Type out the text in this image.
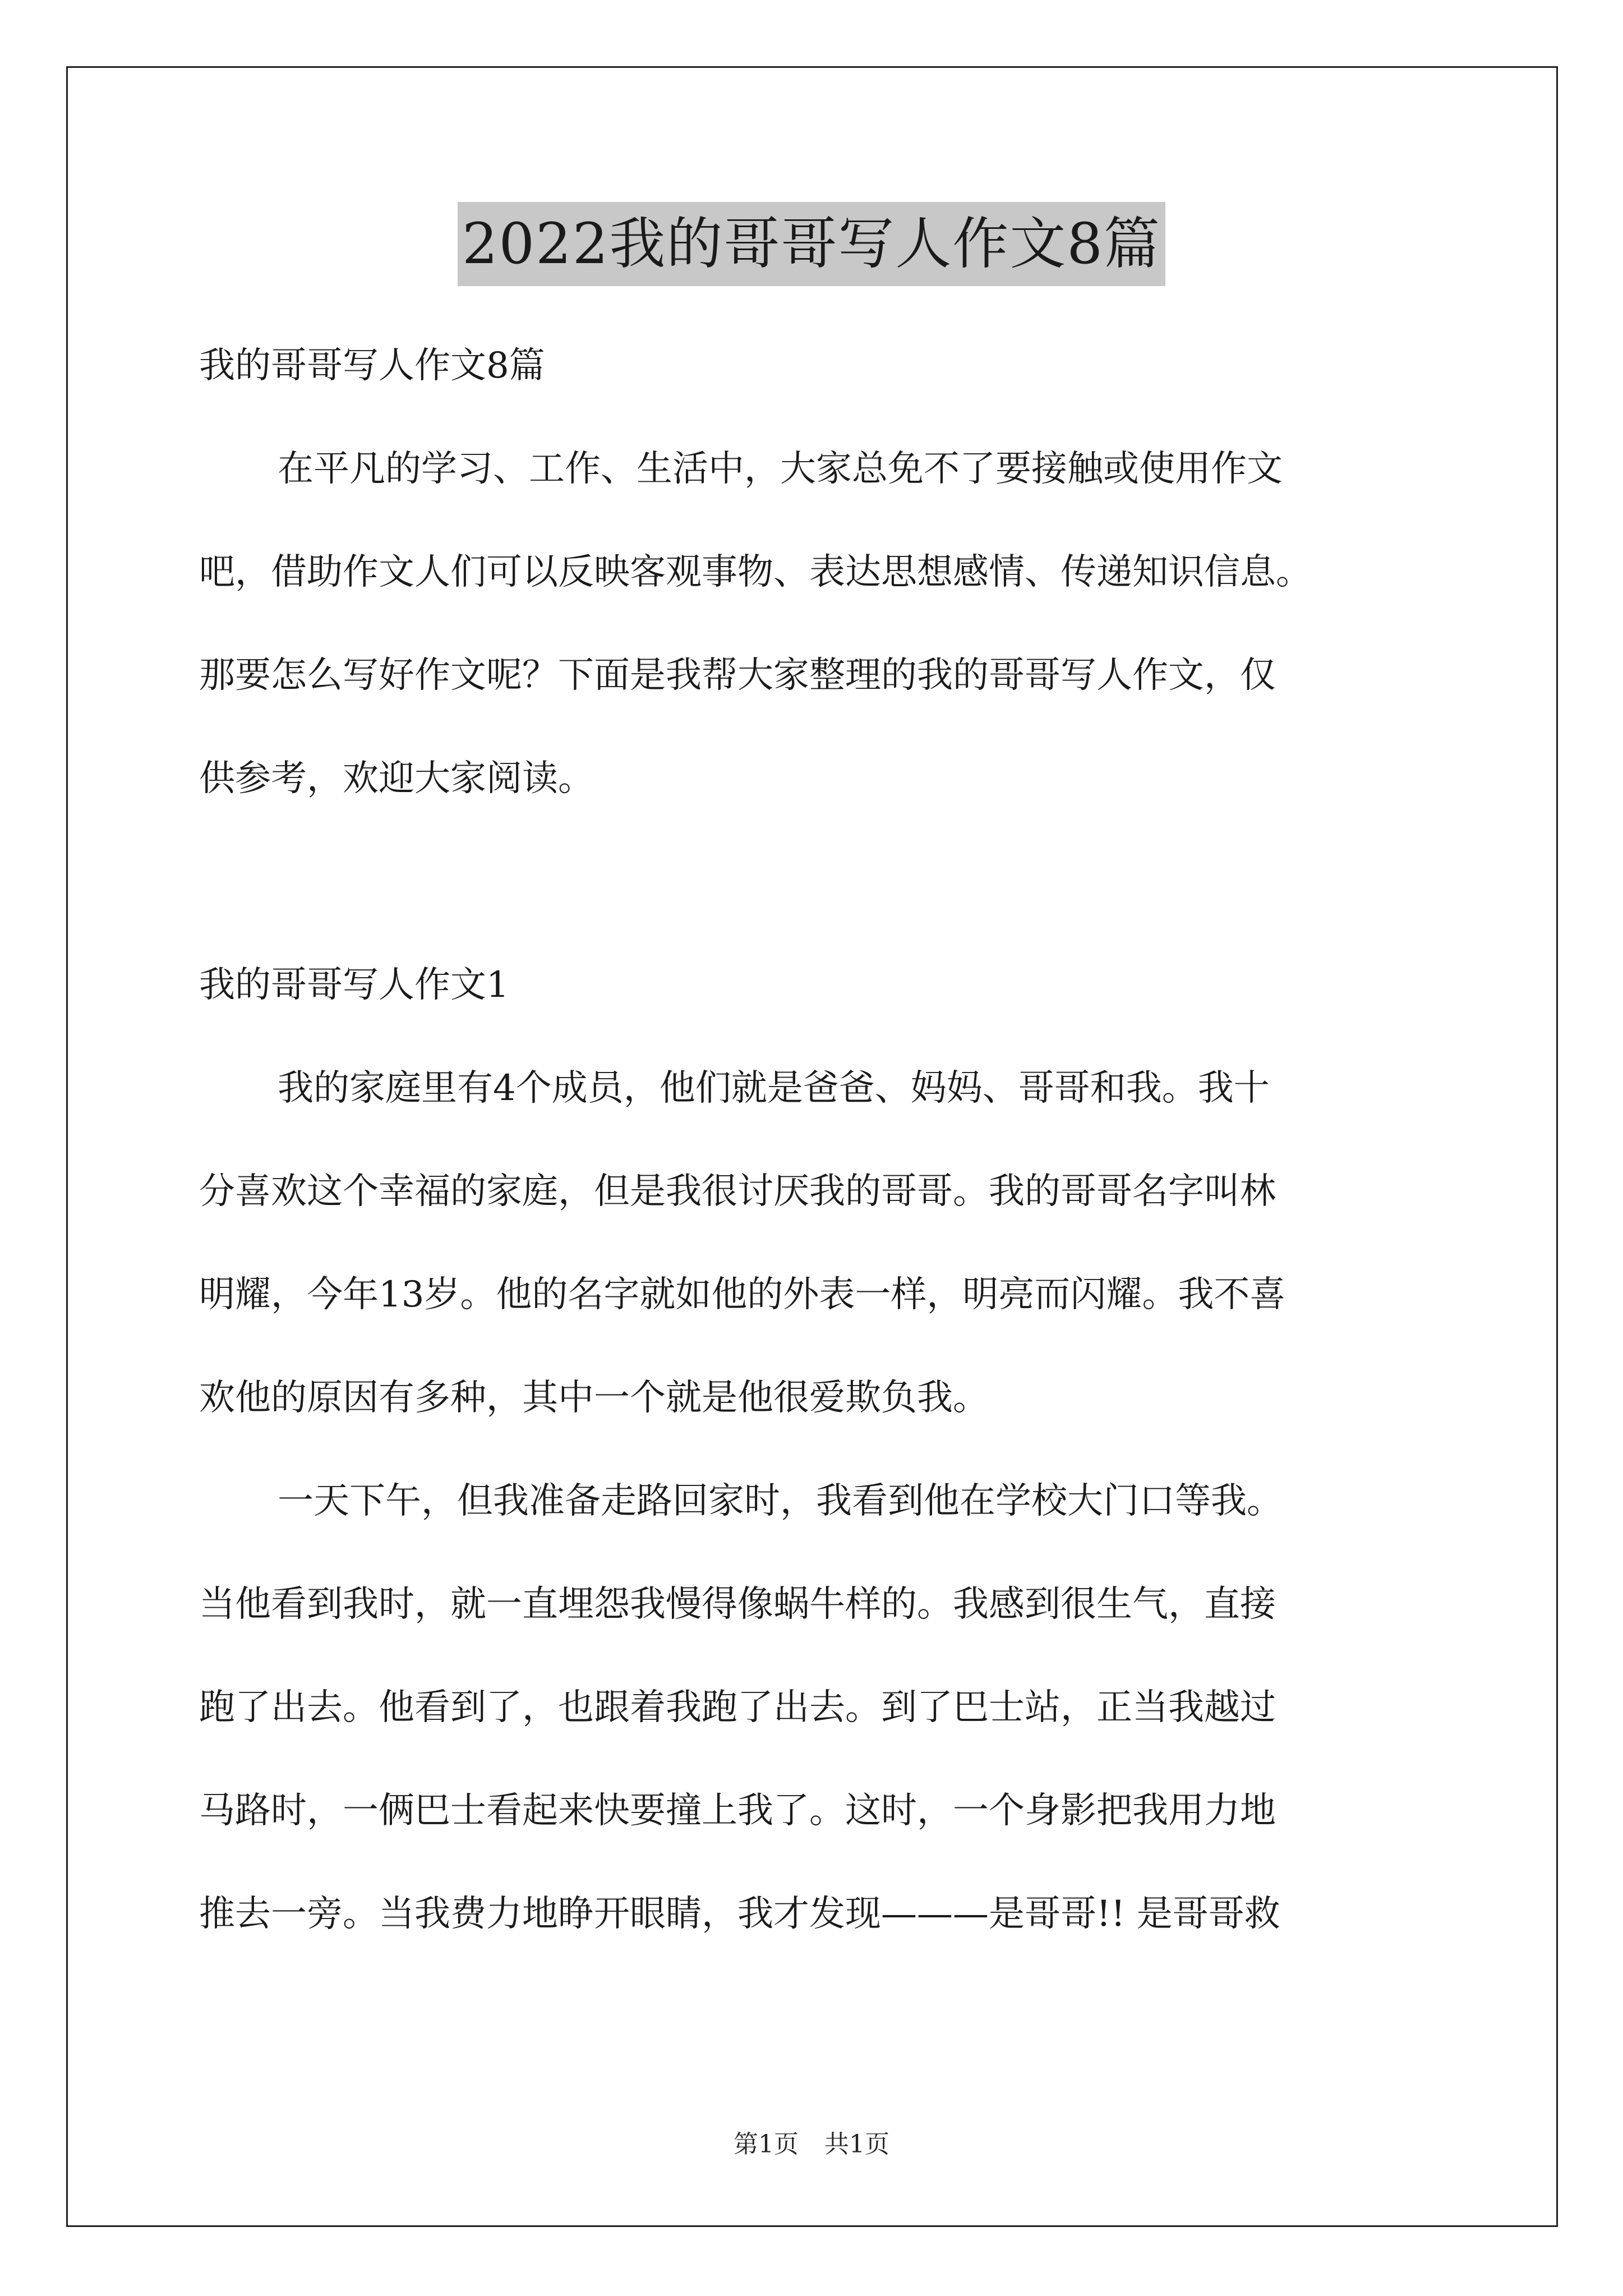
2022我的哥哥写人作文8篇

我的哥哥写人作文8篇

在平凡的学习、工作、生活中，大家总免不了要接触或使用作文

吧，借助作文人们可以反映客观事物、表达思想感情、传递知识信息。

那要怎么写好作文呢？下面是我帮大家整理的我的哥哥写人作文，仅

供参考，欢迎大家阅读。

我的哥哥写人作文1

我的家庭里有4个成员，他们就是爸爸、妈妈、哥哥和我。我十

分喜欢这个幸福的家庭，但是我很讨厌我的哥哥。我的哥哥名字叫林

明耀，今年13岁。他的名字就如他的外表一样，明亮而闪耀。我不喜

欢他的原因有多种，其中一个就是他很爱欺负我。

一天下午，但我准备走路回家时，我看到他在学校大门口等我。

当他看到我时，就一直埋怨我慢得像蜗牛样的。我感到很生气，直接

跑了出去。他看到了，也跟着我跑了出去。到了巴士站，正当我越过

马路时，一俩巴士看起来快要撞上我了。这时，一个身影把我用力地

推去一旁。当我费力地睁开眼睛，我才发现———是哥哥!! 是哥哥救

第1页 共1页
